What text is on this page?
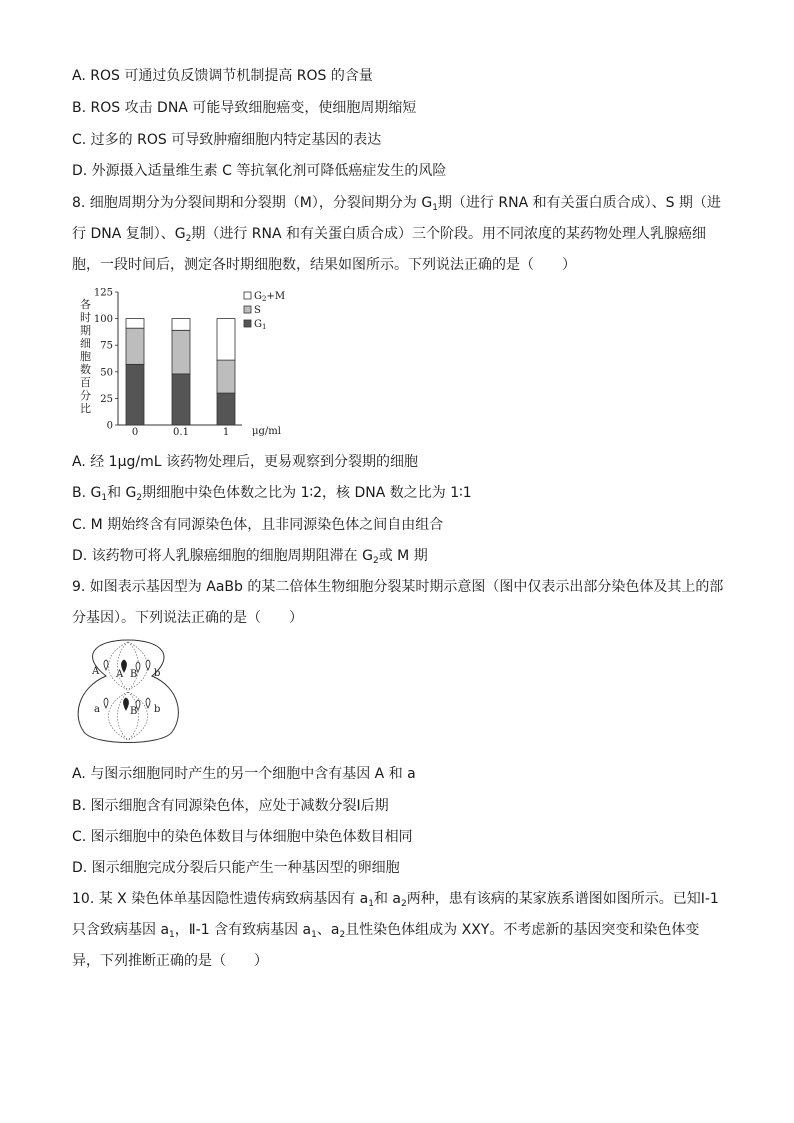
A. ROS 可通过负反馈调节机制提高 ROS 的含量
B. ROS 攻击 DNA 可能导致细胞癌变，使细胞周期缩短
C. 过多的 ROS 可导致肿瘤细胞内特定基因的表达
D. 外源摄入适量维生素 C 等抗氧化剂可降低癌症发生的风险
8. 细胞周期分为分裂间期和分裂期（M），分裂间期分为 $G_1$期（进行 RNA 和有关蛋白质合成）、S 期（进
行 DNA 复制）、$G_2$期（进行 RNA 和有关蛋白质合成）三个阶段。用不同浓度的某药物处理人乳腺癌细
胞，一段时间后，测定各时期细胞数，结果如图所示。下列说法正确的是（　　）
各
时
期
细
胞
数
百
分
比
0
25
50
75
100
125
0	0.1	1 μg/ml
$G_2+M$
S
$G_1$
A. 经 1μg/mL 该药物处理后，更易观察到分裂期的细胞
B. $G_1$和 $G_2$期细胞中染色体数之比为 1∶2，核 DNA 数之比为 1∶1
C. M 期始终含有同源染色体，且非同源染色体之间自由组合
D. 该药物可将人乳腺癌细胞的细胞周期阻滞在 $G_2$或 M 期
9. 如图表示基因型为 AaBb 的某二倍体生物细胞分裂某时期示意图（图中仅表示出部分染色体及其上的部
分基因）。下列说法正确的是（　　）
A A B b
a	B b
A. 与图示细胞同时产生的另一个细胞中含有基因 A 和 a
B. 图示细胞含有同源染色体，应处于减数分裂Ⅰ后期
C. 图示细胞中的染色体数目与体细胞中染色体数目相同
D. 图示细胞完成分裂后只能产生一种基因型的卵细胞
10. 某 X 染色体单基因隐性遗传病致病基因有 $a_1$和 $a_2$两种，患有该病的某家族系谱图如图所示。已知Ⅰ-1
只含致病基因 $a_1$，Ⅱ-1 含有致病基因 $a_1$、$a_2$且性染色体组成为 XXY。不考虑新的基因突变和染色体变
异，下列推断正确的是（　　）
